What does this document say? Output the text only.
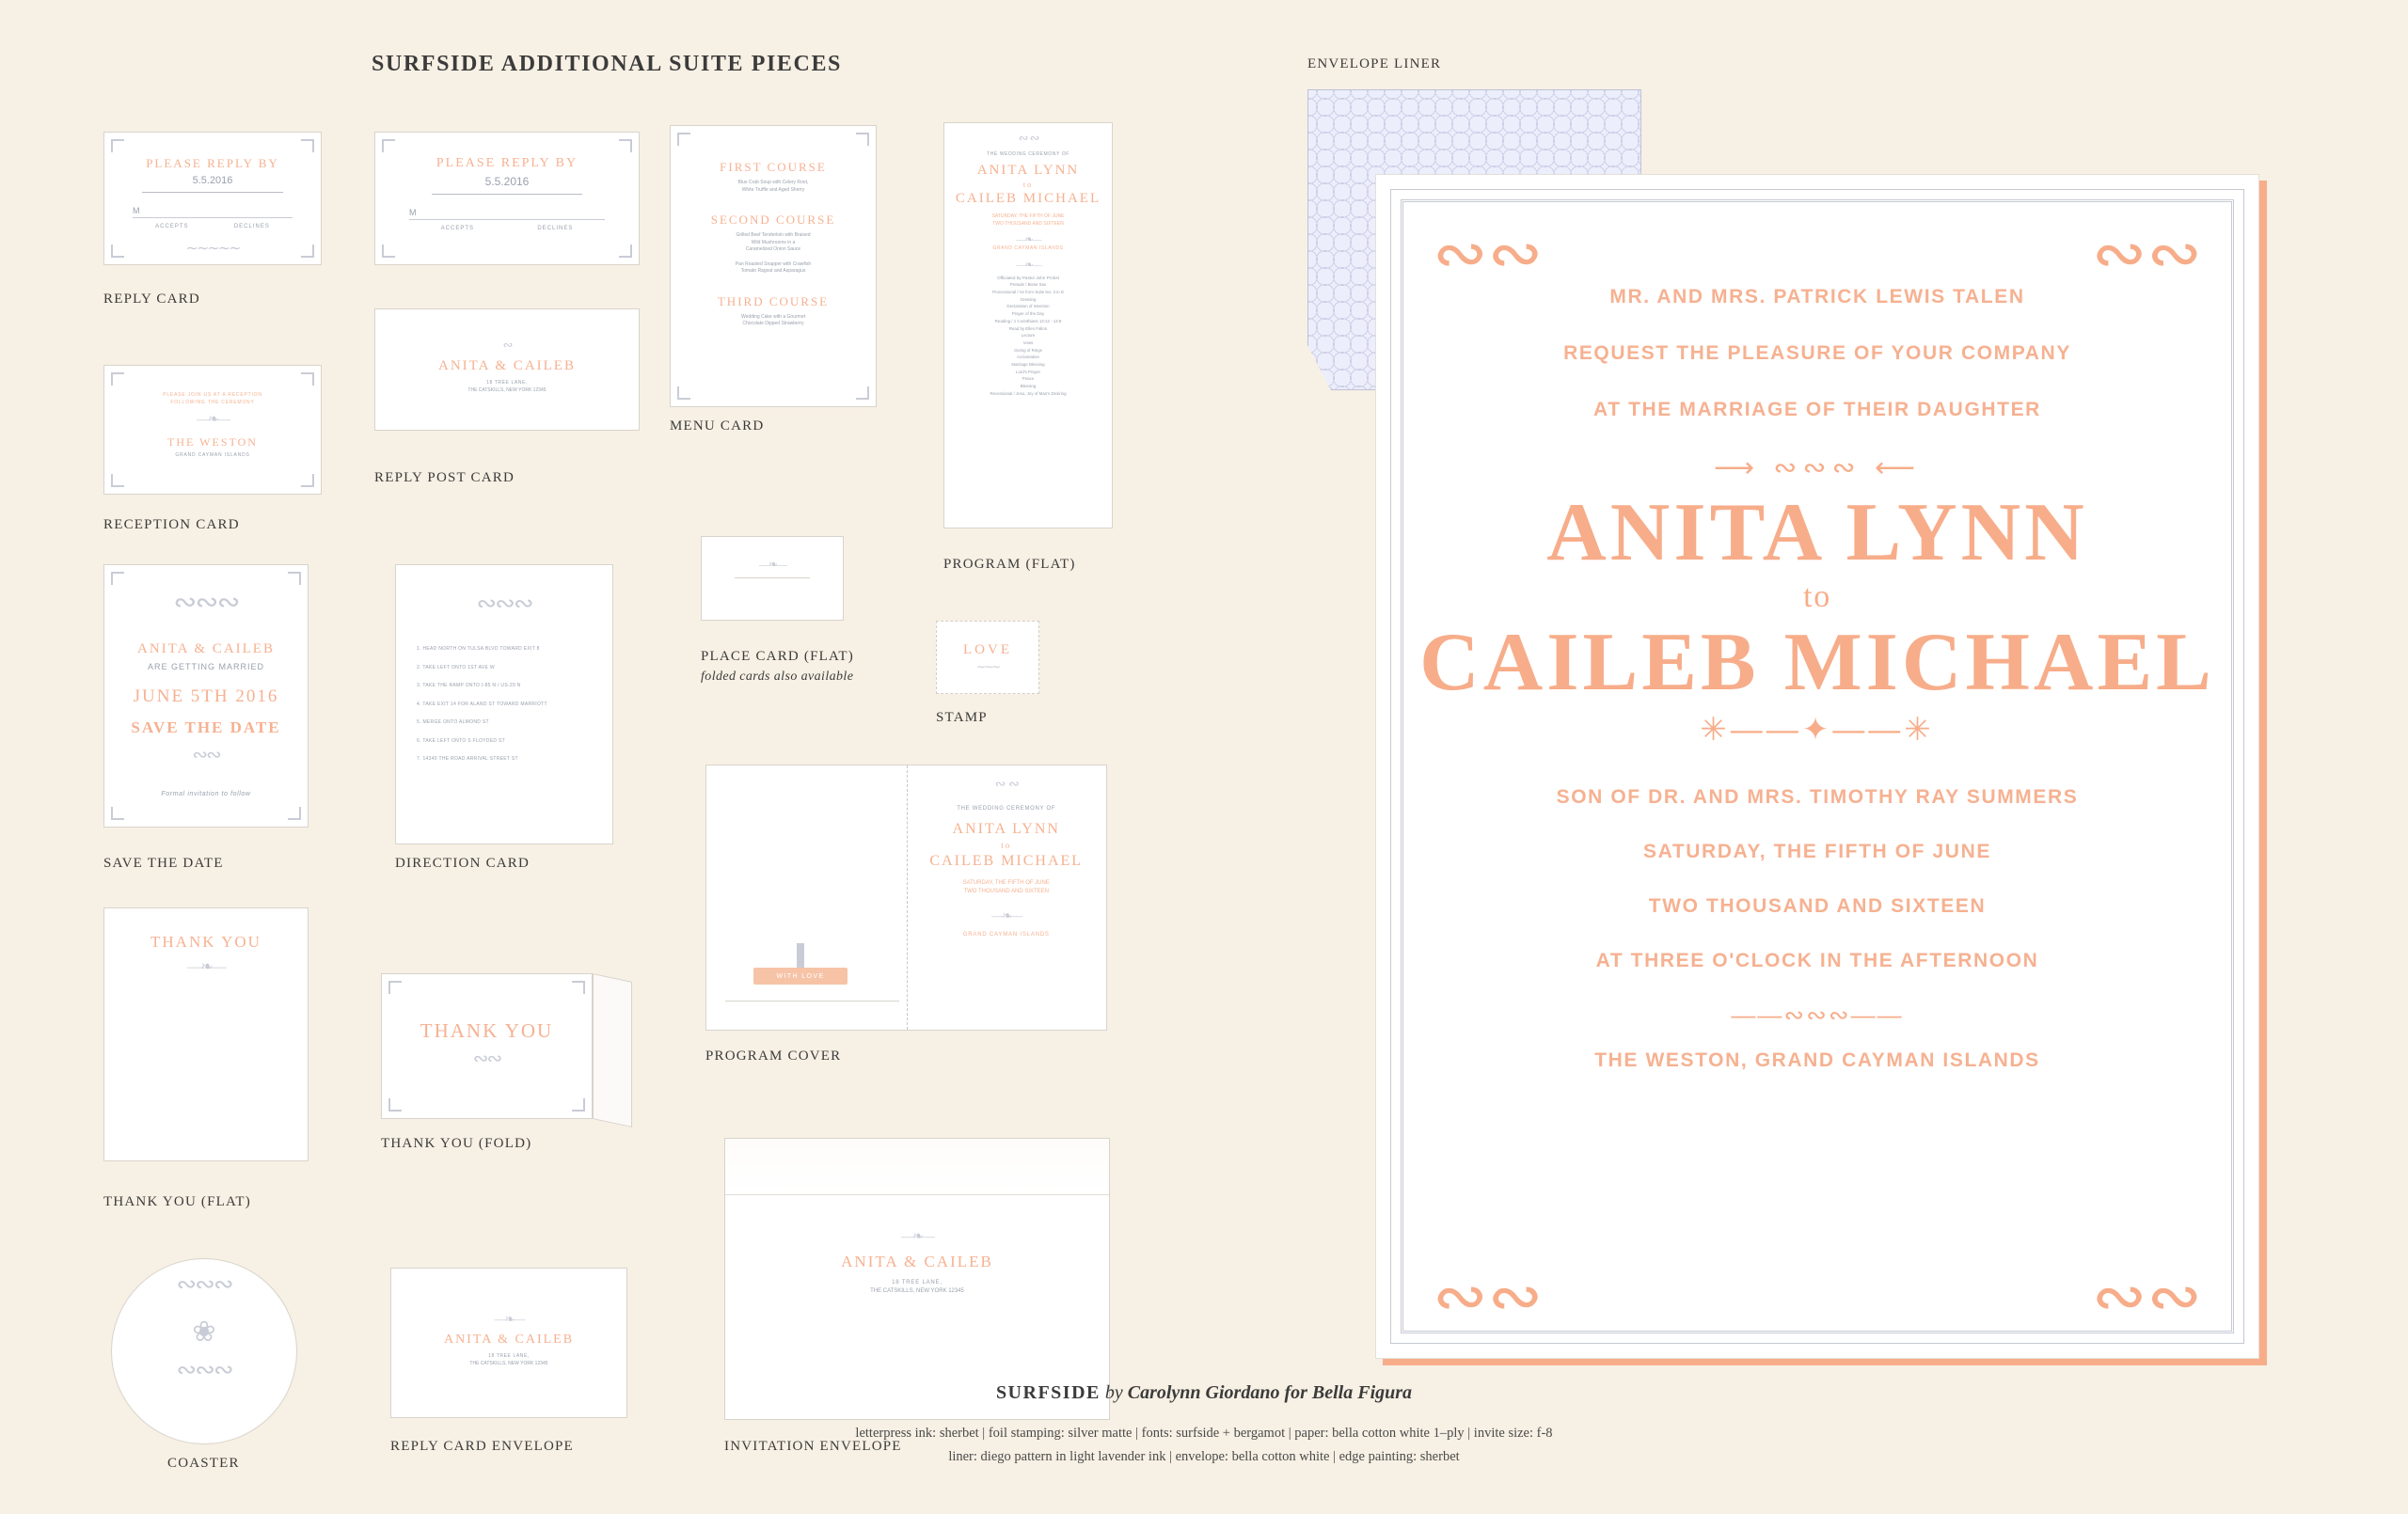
SURFSIDE ADDITIONAL SUITE PIECES
PLEASE REPLY BY
5.5.2016
M
ACCEPTS	DECLINES
∼∼∼∼∼
REPLY CARD
PLEASE REPLY BY
5.5.2016
M
ACCEPTS	DECLINES
∾
ANITA & CAILEB
18 TREE LANE,
THE CATSKILLS, NEW YORK 12345
REPLY POST CARD
PLEASE JOIN US AT A RECEPTION
FOLLOWING THE CEREMONY
—❧—
THE WESTON
GRAND CAYMAN ISLANDS
RECEPTION CARD
FIRST COURSE
Blue Crab Soup with Celery Root,
White Truffle and Aged Sherry
SECOND COURSE
Grilled Beef Tenderloin with Braised
Wild Mushrooms in a
Caramelized Onion Sauce
Pan Roasted Snapper with Crawfish
Tomato Ragout and Asparagus
THIRD COURSE
Wedding Cake with a Gourmet
Chocolate Dipped Strawberry
MENU CARD
∾     ∾
THE WEDDING CEREMONY OF
ANITA LYNN
to
CAILEB MICHAEL
SATURDAY, THE FIFTH OF JUNE
TWO THOUSAND AND SIXTEEN
—❧—
GRAND CAYMAN ISLANDS
—❧—
Officiated by Pastor John Probst
Prelude / Bisse Sax
Processional / Air from Suite No. 3 in D
Greeting
Declaration of Intention
Prayer of the Day
Reading / 1 Corinthians 13:13 - 13:8
Read by Ellen Fallon
Lecture
Vows
Giving of Rings
Acclamation
Marriage Blessing
Lord's Prayer
Peace
Blessing
Recessional / Jesu, Joy of Man's Desiring
PROGRAM (FLAT)
—❧—
PLACE CARD (FLAT)
folded cards also available
LOVE
∼∼∼
STAMP
∾∾∾
ANITA & CAILEB
ARE GETTING MARRIED
JUNE 5TH 2016
SAVE THE DATE
∾∾
Formal invitation to follow
SAVE THE DATE
∾∾∾
1. HEAD NORTH ON TULSA BLVD TOWARD EXIT 8
2. TAKE LEFT ONTO 1ST AVE W
3. TAKE THE RAMP ONTO I-85 N / US-29 N
4. TAKE EXIT 14 FOR ALAND ST TOWARD MARRIOTT
5. MERGE ONTO ALMOND ST
6. TAKE LEFT ONTO S FLOYDED ST
7. 14340 THE ROAD ARRIVAL STREET ST
DIRECTION CARD
THANK YOU
—❧—
THANK YOU (FLAT)
THANK YOU
∾∾
THANK YOU (FOLD)
∾      ∾
THE WEDDING CEREMONY OF
ANITA LYNN
to
CAILEB MICHAEL
SATURDAY, THE FIFTH OF JUNE
TWO THOUSAND AND SIXTEEN
—❧—
GRAND CAYMAN ISLANDS
WITH LOVE
PROGRAM COVER
∾∾∾
❀
∾∾∾
COASTER
—❧—
ANITA & CAILEB
18 TREE LANE,
THE CATSKILLS, NEW YORK 12345
REPLY CARD ENVELOPE
—❧—
ANITA & CAILEB
18 TREE LANE,
THE CATSKILLS, NEW YORK 12345
INVITATION ENVELOPE
ENVELOPE LINER
∾∾	∾∾
∾∾	∾∾
MR. AND MRS. PATRICK LEWIS TALEN
REQUEST THE PLEASURE OF YOUR COMPANY
AT THE MARRIAGE OF THEIR DAUGHTER
⟶ ∾∾∾ ⟵
ANITA LYNN
to
CAILEB MICHAEL
✳——✦——✳
SON OF DR. AND MRS. TIMOTHY RAY SUMMERS
SATURDAY, THE FIFTH OF JUNE
TWO THOUSAND AND SIXTEEN
AT THREE O'CLOCK IN THE AFTERNOON
——∾∾∾——
THE WESTON, GRAND CAYMAN ISLANDS
SURFSIDE by Carolynn Giordano for Bella Figura
letterpress ink: sherbet | foil stamping: silver matte | fonts: surfside + bergamot | paper: bella cotton white 1–ply | invite size: f-8
liner: diego pattern in light lavender ink | envelope: bella cotton white | edge painting: sherbet
